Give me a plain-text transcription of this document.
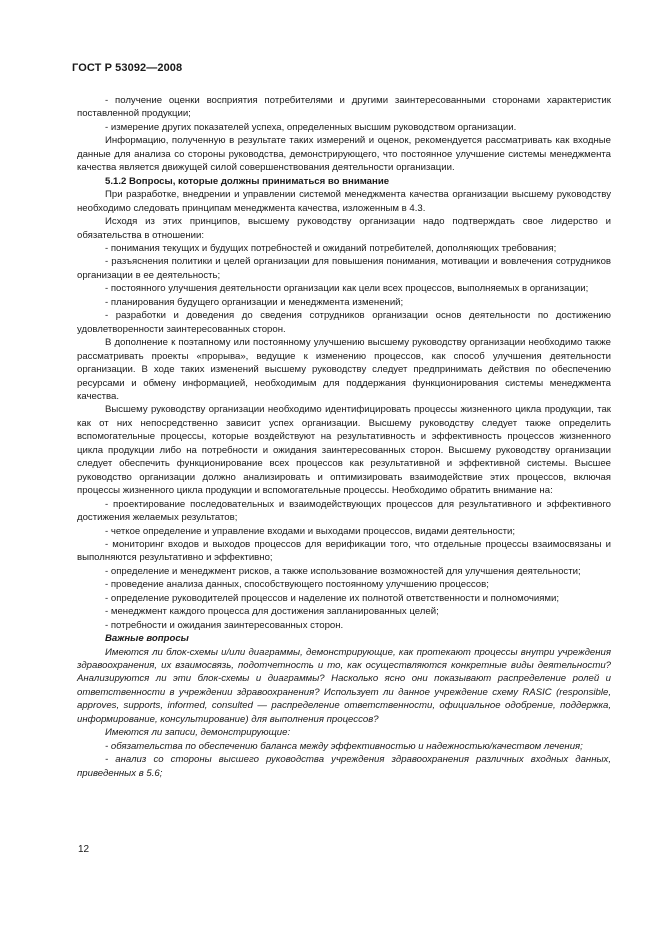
ГОСТ Р 53092—2008

- получение оценки восприятия потребителями и другими заинтересованными сторонами характеристик поставленной продукции;

- измерение других показателей успеха, определенных высшим руководством организации.

Информацию, полученную в результате таких измерений и оценок, рекомендуется рассматривать как входные данные для анализа со стороны руководства, демонстрирующего, что постоянное улучшение системы менеджмента качества является движущей силой совершенствования деятельности организации.

5.1.2 Вопросы, которые должны приниматься во внимание

При разработке, внедрении и управлении системой менеджмента качества организации высшему руководству необходимо следовать принципам менеджмента качества, изложенным в 4.3.

Исходя из этих принципов, высшему руководству организации надо подтверждать свое лидерство и обязательства в отношении:

- понимания текущих и будущих потребностей и ожиданий потребителей, дополняющих требования;

- разъяснения политики и целей организации для повышения понимания, мотивации и вовлечения сотрудников организации в ее деятельность;

- постоянного улучшения деятельности организации как цели всех процессов, выполняемых в организации;

- планирования будущего организации и менеджмента изменений;

- разработки и доведения до сведения сотрудников организации основ деятельности по достижению удовлетворенности заинтересованных сторон.

В дополнение к поэтапному или постоянному улучшению высшему руководству организации необходимо также рассматривать проекты «прорыва», ведущие к изменению процессов, как способ улучшения деятельности организации. В ходе таких изменений высшему руководству следует предпринимать действия по обеспечению ресурсами и обмену информацией, необходимым для поддержания функционирования системы менеджмента качества.

Высшему руководству организации необходимо идентифицировать процессы жизненного цикла продукции, так как от них непосредственно зависит успех организации. Высшему руководству следует также определить вспомогательные процессы, которые воздействуют на результативность и эффективность процессов жизненного цикла продукции либо на потребности и ожидания заинтересованных сторон. Высшему руководству организации следует обеспечить функционирование всех процессов как результативной и эффективной системы. Высшее руководство организации должно анализировать и оптимизировать взаимодействие этих процессов, включая процессы жизненного цикла продукции и вспомогательные процессы. Необходимо обратить внимание на:

- проектирование последовательных и взаимодействующих процессов для результативного и эффективного достижения желаемых результатов;

- четкое определение и управление входами и выходами процессов, видами деятельности;

- мониторинг входов и выходов процессов для верификации того, что отдельные процессы взаимосвязаны и выполняются результативно и эффективно;

- определение и менеджмент рисков, а также использование возможностей для улучшения деятельности;

- проведение анализа данных, способствующего постоянному улучшению процессов;

- определение руководителей процессов и наделение их полнотой ответственности и полномочиями;

- менеджмент каждого процесса для достижения запланированных целей;

- потребности и ожидания заинтересованных сторон.

Важные вопросы

Имеются ли блок-схемы и/или диаграммы, демонстрирующие, как протекают процессы внутри учреждения здравоохранения, их взаимосвязь, подотчетность и то, как осуществляются конкретные виды деятельности? Анализируются ли эти блок-схемы и диаграммы? Насколько ясно они показывают распределение ролей и ответственности в учреждении здравоохранения? Использует ли данное учреждение схему RASIC (responsible, approves, supports, informed, consulted — распределение ответственности, официальное одобрение, поддержка, информирование, консультирование) для выполнения процессов?

Имеются ли записи, демонстрирующие:

- обязательства по обеспечению баланса между эффективностью и надежностью/качеством лечения;

- анализ со стороны высшего руководства учреждения здравоохранения различных входных данных, приведенных в 5.6;

12
